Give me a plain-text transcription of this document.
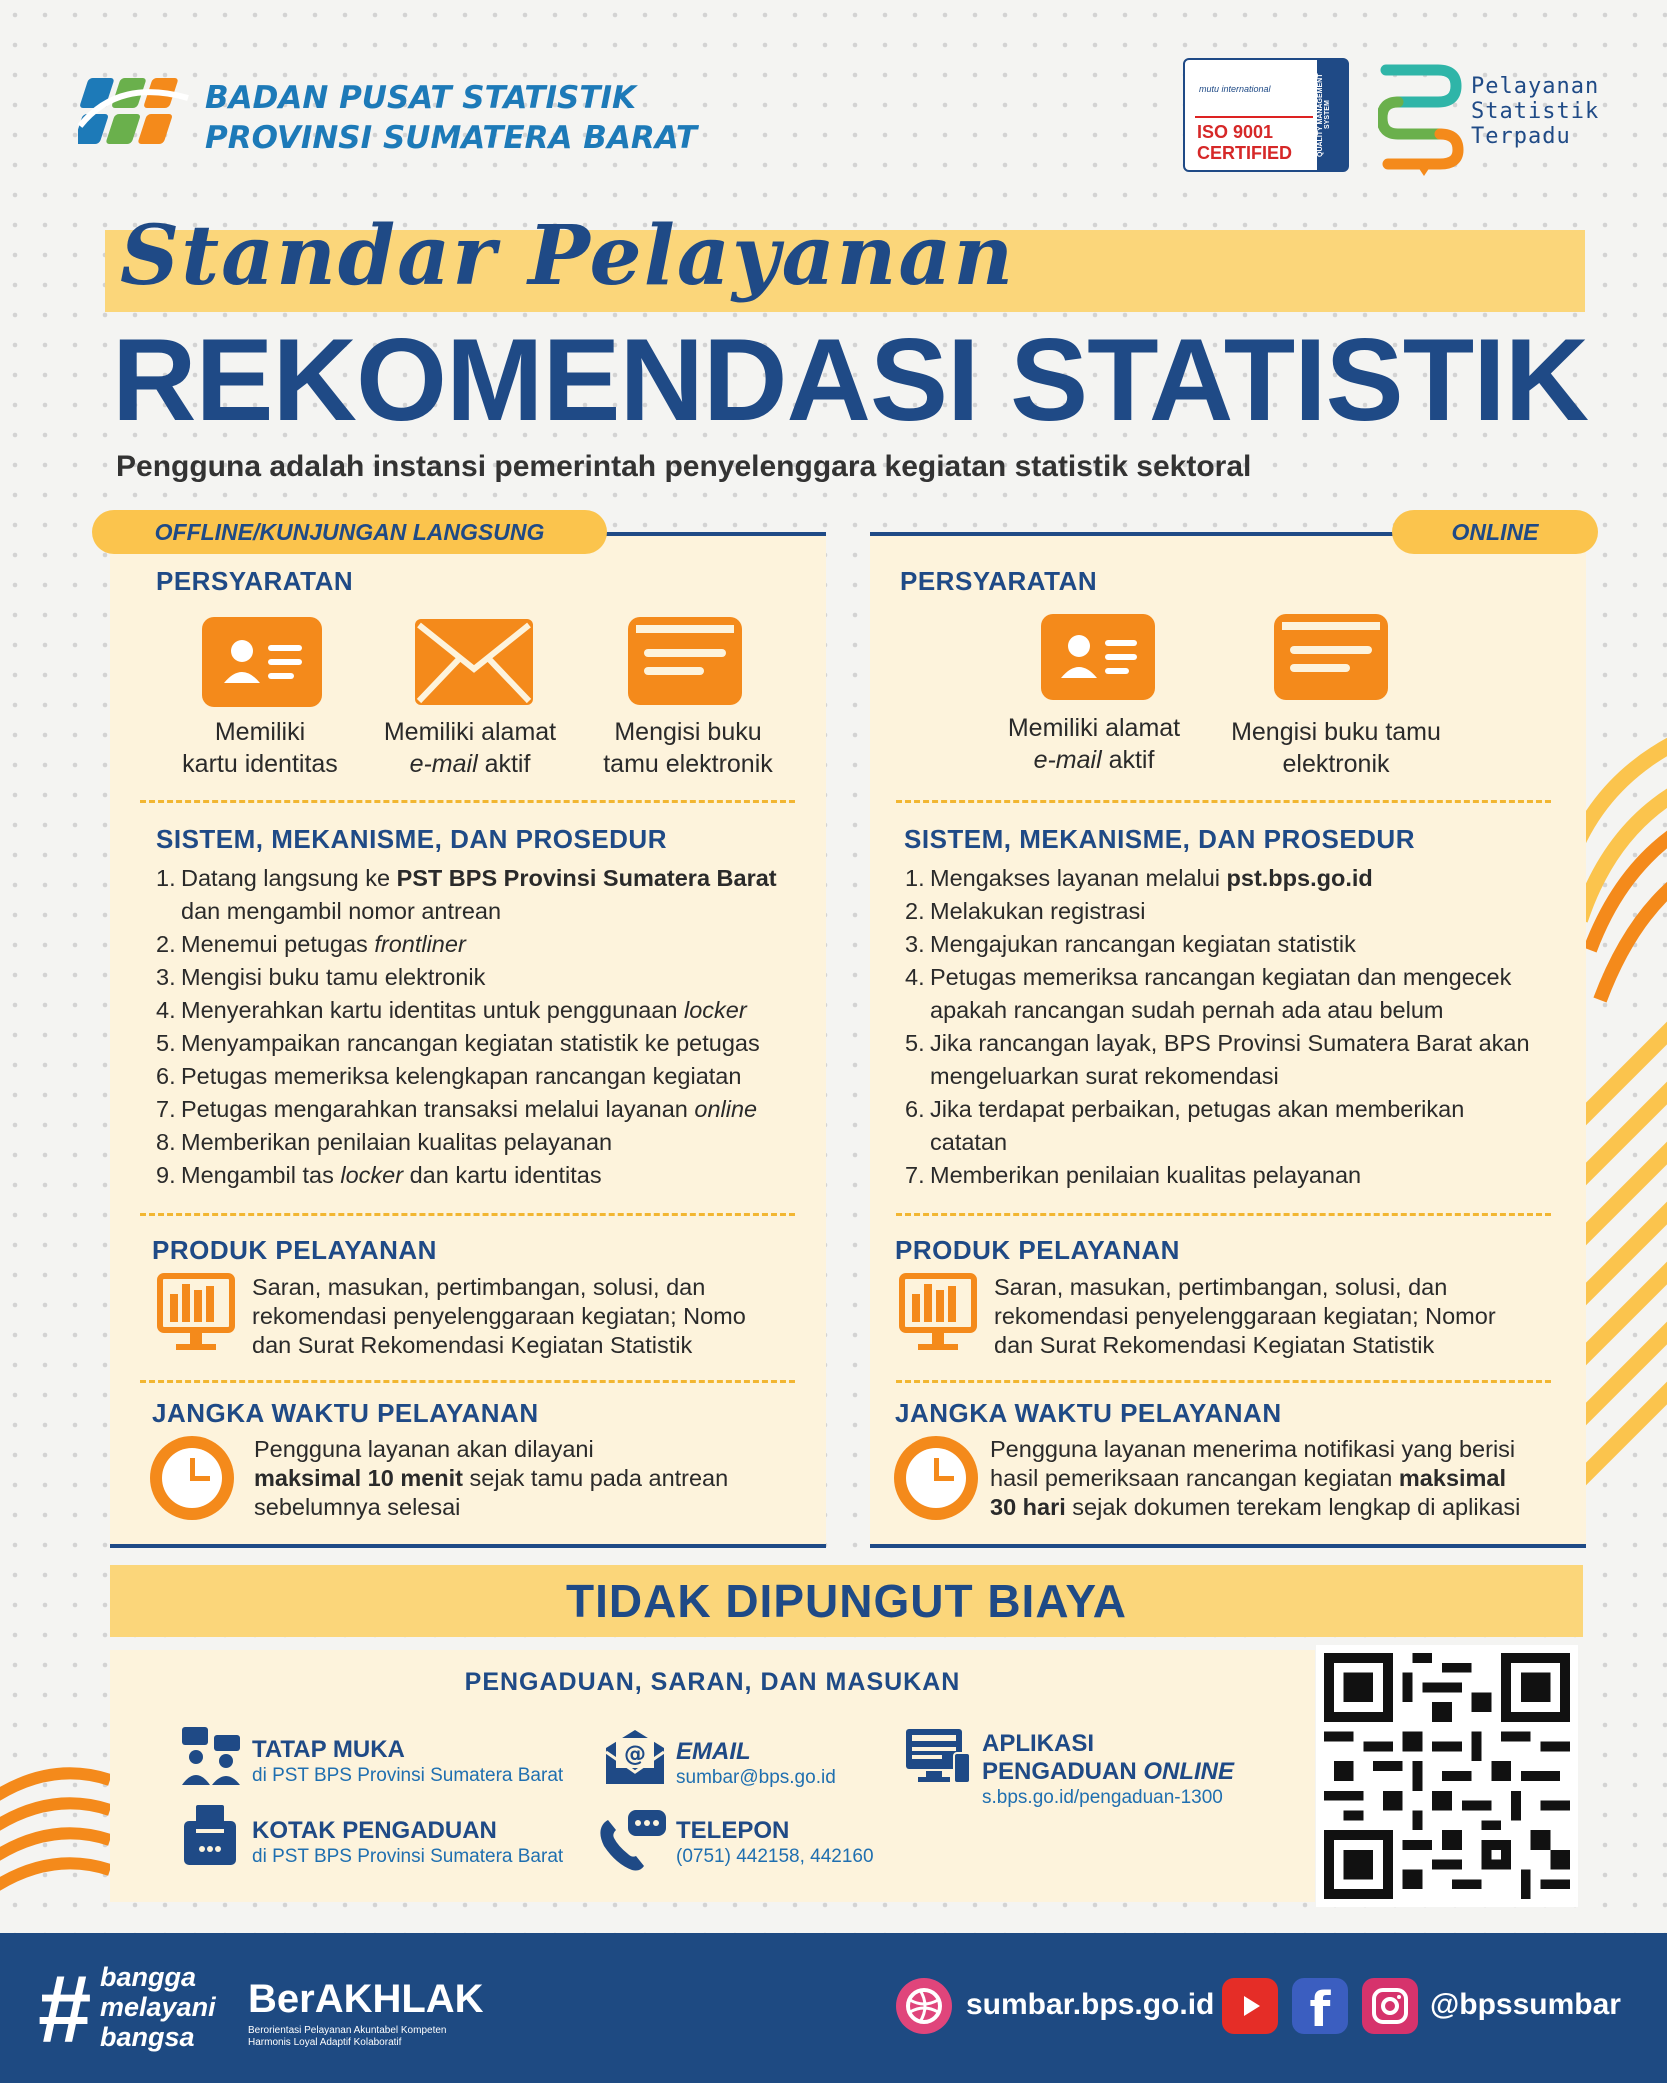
BADAN PUSAT STATISTIK
PROVINSI SUMATERA BARAT
mutu international
ISO 9001
CERTIFIED	QUALITY MANAGEMENT SYSTEM
Pelayanan
Statistik
Terpadu
Standar Pelayanan
REKOMENDASI STATISTIK
Pengguna adalah instansi pemerintah penyelenggara kegiatan statistik sektoral
OFFLINE/KUNJUNGAN LANGSUNG
PERSYARATAN
Memiliki
kartu identitas
Memiliki alamat
e-mail aktif
Mengisi buku
tamu elektronik
SISTEM, MEKANISME, DAN PROSEDUR
1. Datang langsung ke PST BPS Provinsi Sumatera Barat
dan mengambil nomor antrean
2. Menemui petugas frontliner
3. Mengisi buku tamu elektronik
4. Menyerahkan kartu identitas untuk penggunaan locker
5. Menyampaikan rancangan kegiatan statistik ke petugas
6. Petugas memeriksa kelengkapan rancangan kegiatan
7. Petugas mengarahkan transaksi melalui layanan online
8. Memberikan penilaian kualitas pelayanan
9. Mengambil tas locker dan kartu identitas
PRODUK PELAYANAN
Saran, masukan, pertimbangan, solusi, dan
rekomendasi penyelenggaraan kegiatan; Nomo
dan Surat Rekomendasi Kegiatan Statistik
JANGKA WAKTU PELAYANAN
Pengguna layanan akan dilayani
maksimal 10 menit sejak tamu pada antrean
sebelumnya selesai
ONLINE
PERSYARATAN
Memiliki alamat
e-mail aktif
Mengisi buku tamu
elektronik
SISTEM, MEKANISME, DAN PROSEDUR
1. Mengakses layanan melalui pst.bps.go.id
2. Melakukan registrasi
3. Mengajukan rancangan kegiatan statistik
4. Petugas memeriksa rancangan kegiatan dan mengecek
apakah rancangan sudah pernah ada atau belum
5. Jika rancangan layak, BPS Provinsi Sumatera Barat akan
mengeluarkan surat rekomendasi
6. Jika terdapat perbaikan, petugas akan memberikan
catatan
7. Memberikan penilaian kualitas pelayanan
PRODUK PELAYANAN
Saran, masukan, pertimbangan, solusi, dan
rekomendasi penyelenggaraan kegiatan; Nomor
dan Surat Rekomendasi Kegiatan Statistik
JANGKA WAKTU PELAYANAN
Pengguna layanan menerima notifikasi yang berisi
hasil pemeriksaan rancangan kegiatan maksimal
30 hari sejak dokumen terekam lengkap di aplikasi
TIDAK DIPUNGUT BIAYA
PENGADUAN, SARAN, DAN MASUKAN
TATAP MUKA
di PST BPS Provinsi Sumatera Barat
KOTAK PENGADUAN
di PST BPS Provinsi Sumatera Barat
@ EMAIL
sumbar@bps.go.id
TELEPON
(0751) 442158, 442160
APLIKASI
PENGADUAN ONLINE
s.bps.go.id/pengaduan-1300
# bangga
melayani
bangsa
BerAKHLAK
Berorientasi Pelayanan Akuntabel Kompeten Harmonis Loyal Adaptif Kolaboratif
sumbar.bps.go.id f	@bpssumbar
